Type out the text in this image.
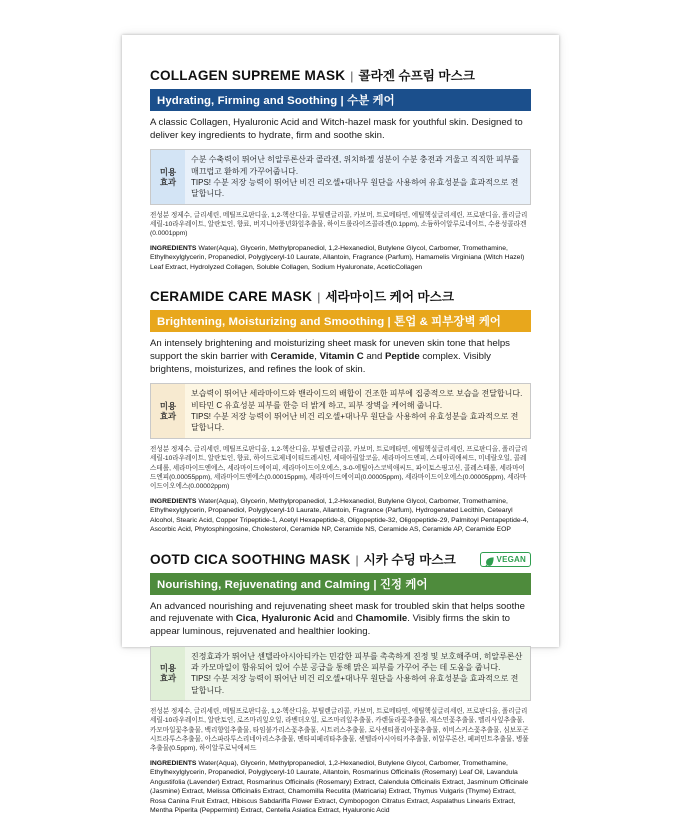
COLLAGEN SUPREME MASK | 콜라겐 슈프림 마스크
Hydrating, Firming and Soothing | 수분 케어
A classic Collagen, Hyaluronic Acid and Witch-hazel mask for youthful skin. Designed to deliver key ingredients to hydrate, firm and soothe skin.
미용
효과
수분 수축력이 뛰어난 히알루론산과 콜라겐, 위치하젤 성분이 수분 충전과 겨울고 직직한 피부를 매끄럽고 환하게 가꾸어줍니다.
TIPS! 수분 저장 능력이 뛰어난 비건 리오셀+대나무 원단을 사용하여 유효성분을 효과적으로 전달합니다.
전성분 정제수, 글리세린, 메틸프로판디올, 1,2-헥산디올, 부틸렌글리콜, 카보머, 트로메타민, 에틸헥실글리세린, 프로판디올, 폴리글리세릴-10라우레이트, 알란토인, 향료, 버지니아풍년화잎추출물, 하이드롤라이즈콜라겐(0.1ppm), 소듐하이알루로네이트, 수용성콜라겐(0.0001ppm)
INGREDIENTS Water(Aqua), Glycerin, Methylpropanediol, 1,2-Hexanediol, Butylene Glycol, Carbomer, Tromethamine, Ethylhexylglycerin, Propanediol, Polyglyceryl-10 Laurate, Allantoin, Fragrance (Parfum), Hamamelis Virginiana (Witch Hazel) Leaf Extract, Hydrolyzed Collagen, Soluble Collagen, Sodium Hyaluronate, AceticCollagen
CERAMIDE CARE MASK | 세라마이드 케어 마스크
Brightening, Moisturizing and Smoothing | 톤업 & 피부장벽 케어
An intensely brightening and moisturizing sheet mask for uneven skin tone that helps support the skin barrier with Ceramide, Vitamin C and Peptide complex. Visibly brightens, moisturizes, and refines the look of skin.
미용
효과
보습력이 뛰어난 세라마이드와 밴라이드의 배합이 건조한 피부에 집중적으로 보습을 전달합니다. 비타민 C 유효성분 피부를 한층 더 밝게 하고, 피부 장벽을 케어해 줍니다.
TIPS! 수분 저장 능력이 뛰어난 비건 리오셀+대나무 원단을 사용하여 유효성분을 효과적으로 전달합니다.
전성분 정제수, 글리세린, 메틸프로판디올, 1,2-헥산디올, 부틸렌글리콜, 카보머, 트로메타민, 에틸헥실글리세린, 프로판디올, 폴리글리세릴-10라우레이트, 알란토인, 향료, 하이드로제네이티드레시틴, 세테아릴알코올, 세라마이드엔피, 스테아릭애씨드, 미네랄오일, 콜레스테롤, 세라마이드엔에스, 세라마이드에이피, 세라마이드이오에스, 3-0-에틸아스코빅애씨드, 파이토스핑고신, 콜레스테롤, 세라마이드엔피(0.00055ppm), 세라마이드엔에스(0.00015ppm), 세라마이드에이피(0.00005ppm), 세라마이드이오에스(0.00005ppm), 세라마이드이오에스(0.00002ppm)
INGREDIENTS Water(Aqua), Glycerin, Methylpropanediol, 1,2-Hexanediol, Butylene Glycol, Carbomer, Tromethamine, Ethylhexylglycerin, Propanediol, Polyglyceryl-10 Laurate, Allantoin, Fragrance (Parfum), Hydrogenated Lecithin, Cetearyl Alcohol, Stearic Acid, Copper Tripeptide-1, Acetyl Hexapeptide-8, Oligopeptide-32, Oligopeptide-29, Palmitoyl Pentapeptide-4, Ascorbic Acid, Phytosphingosine, Cholesterol, Ceramide NP, Ceramide NS, Ceramide AS, Ceramide AP, Ceramide EOP
OOTD CICA SOOTHING MASK | 시카 수딩 마스크	VEGAN
Nourishing, Rejuvenating and Calming | 진정 케어
An advanced nourishing and rejuvenating sheet mask for troubled skin that helps soothe and rejuvenate with Cica, Hyaluronic Acid and Chamomile. Visibly firms the skin to appear luminous, rejuvenated and healthier looking.
미용
효과
진정효과가 뛰어난 센텔라아시아티카는 민감한 피부를 촉촉하게 진정 및 보호해주며, 히알루론산과 카모마일이 함유되어 있어 수분 공급을 통해 맑은 피부를 가꾸어 주는 데 도움을 줍니다.
TIPS! 수분 저장 능력이 뛰어난 비건 리오셀+대나무 원단을 사용하여 유효성분을 효과적으로 전달합니다.
전성분 정제수, 글리세린, 메틸프로판디올, 1,2-헥산디올, 부틸렌글리콜, 카보머, 트로메타민, 에틸헥실글리세린, 프로판디올, 폴리글리세릴-10라우레이트, 알란토인, 로즈마리잎오일, 라벤더오일, 로즈마리잎추출물, 카렌둘라꽃추출물, 재스민꽃추출물, 멜리사잎추출물, 카모마일꽃추출물, 백리향잎추출물, 타임불가리스꽃추출물, 시트러스추출물, 로사센티폴리아꽃추출물, 히비스커스꽃추출물, 심보포곤시트라투스추출물, 아스파라투스리네아리스추출물, 멘타피페리타추출물, 센텔라아시아티카추출물, 히알루론산, 페퍼민트추출물, 병풀추출물(0.5ppm), 하이알루로닉애씨드
INGREDIENTS Water(Aqua), Glycerin, Methylpropanediol, 1,2-Hexanediol, Butylene Glycol, Carbomer, Tromethamine, Ethylhexylglycerin, Propanediol, Polyglyceryl-10 Laurate, Allantoin, Rosmarinus Officinalis (Rosemary) Leaf Oil, Lavandula Angustifolia (Lavender) Extract, Rosmarinus Officinalis (Rosemary) Extract, Calendula Officinalis Extract, Jasminum Officinale (Jasmine) Extract, Melissa Officinalis Extract, Chamomilla Recutita (Matricaria) Extract, Thymus Vulgaris (Thyme) Extract, Rosa Canina Fruit Extract, Hibiscus Sabdariffa Flower Extract, Cymbopogon Citratus Extract, Aspalathus Linearis Extract, Mentha Piperita (Peppermint) Extract, Centella Asiatica Extract, Hyaluronic Acid
